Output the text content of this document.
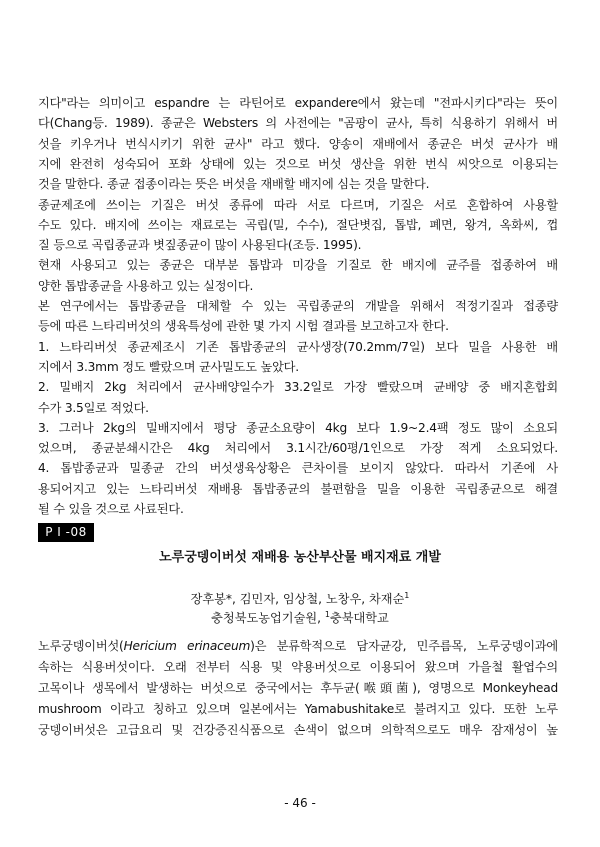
지다"라는 의미이고 espandre 는 라틴어로 expandere에서 왔는데 "전파시키다"라는 뜻이
다(Chang등. 1989). 종균은 Websters 의 사전에는 "곰팡이 균사, 특히 식용하기 위해서 버
섯을 키우거나 번식시키기 위한 균사" 라고 했다. 양송이 재배에서 종균은 버섯 균사가 배
지에 완전히 성숙되어 포화 상태에 있는 것으로 버섯 생산을 위한 번식 씨앗으로 이용되는
것을 말한다. 종균 접종이라는 뜻은 버섯을 재배할 배지에 심는 것을 말한다.
종균제조에 쓰이는 기질은 버섯 종류에 따라 서로 다르며, 기질은 서로 혼합하여 사용할
수도 있다. 배지에 쓰이는 재료로는 곡립(밀, 수수), 절단볏집, 톱밥, 폐면, 왕겨, 옥화씨, 껍
질 등으로 곡립종균과 볏짚종균이 많이 사용된다(조등. 1995).
현재 사용되고 있는 종균은 대부분 톱밥과 미강을 기질로 한 배지에 균주를 접종하여 배
양한 톱밥종균을 사용하고 있는 실정이다.
본 연구에서는 톱밥종균을 대체할 수 있는 곡립종균의 개발을 위해서 적정기질과 접종량
등에 따른 느타리버섯의 생육특성에 관한 몇 가지 시험 결과를 보고하고자 한다.
1. 느타리버섯 종균제조시 기존 톱밥종균의 균사생장(70.2mm/7일) 보다 밀을 사용한 배
지에서 3.3mm 정도 빨랐으며 균사밀도도 높았다.
2. 밀배지 2kg 처리에서 균사배양일수가 33.2일로 가장 빨랐으며 균배양 중 배지혼합회
수가 3.5일로 적었다.
3. 그러나 2kg의 밀배지에서 평당 종균소요량이 4kg 보다 1.9~2.4팩 정도 많이 소요되
었으며, 종균분쇄시간은 4kg 처리에서 3.1시간/60평/1인으로 가장 적게 소요되었다.
4. 톱밥종균과 밀종균 간의 버섯생육상황은 큰차이를 보이지 않았다. 따라서 기존에 사
용되어지고 있는 느타리버섯 재배용 톱밥종균의 불편함을 밀을 이용한 곡립종균으로 해결
P I -08
노루궁뎅이버섯 재배용 농산부산물 배지재료 개발
장후봉*, 김민자, 임상철, 노창우, 차재순$^1$
충청북도농업기술원, $^1$충북대학교
노루궁뎅이버섯(Hericium erinaceum)은 분류학적으로 담자균강, 민주름목, 노루궁뎅이과에
속하는 식용버섯이다. 오래 전부터 식용 및 약용버섯으로 이용되어 왔으며 가을철 활엽수의
고목이나 생목에서 발생하는 버섯으로 중국에서는 후두균(喉頭菌), 영명으로 Monkeyhead
mushroom 이라고 칭하고 있으며 일본에서는 Yamabushitake로 불려지고 있다. 또한 노루
궁뎅이버섯은 고급요리 및 건강증진식품으로 손색이 없으며 의학적으로도 매우 잠재성이 높
- 46 -
될 수 있을 것으로 사료된다.
